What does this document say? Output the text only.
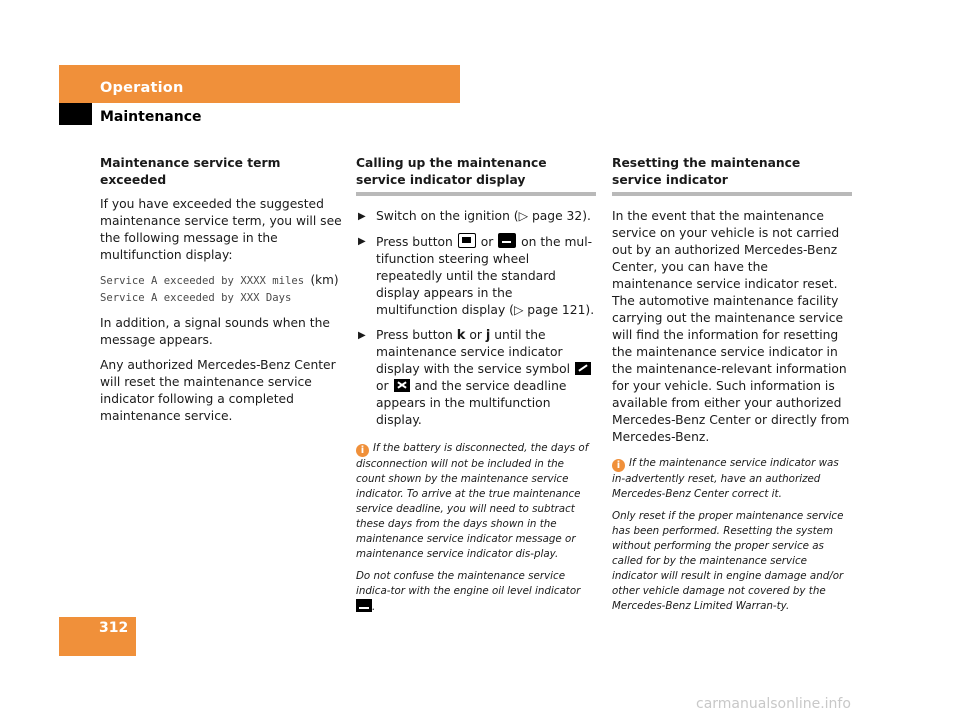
Operation
Maintenance
Maintenance service term exceeded

If you have exceeded the suggested maintenance service term, you will see the following message in the multifunction display:

Service A exceeded by XXXX miles (km)
Service A exceeded by XXX Days

In addition, a signal sounds when the message appears.

Any authorized Mercedes-Benz Center will reset the maintenance service indicator following a completed maintenance service.

Calling up the maintenance service indicator display
▶ Switch on the ignition (▷ page 32).
▶ Press button or on the mul-tifunction steering wheel repeatedly until the standard display appears in the multifunction display (▷ page 121).
▶ Press button k or j until the maintenance service indicator display with the service symbol
or and the service deadline appears in the multifunction display.
i If the battery is disconnected, the days of disconnection will not be included in the count shown by the maintenance service indicator. To arrive at the true maintenance service deadline, you will need to subtract these days from the days shown in the maintenance service indicator message or maintenance service indicator dis-play.
Do not confuse the maintenance service indica-tor with the engine oil level indicator
.
Resetting the maintenance service indicator

In the event that the maintenance service on your vehicle is not carried out by an authorized Mercedes-Benz Center, you can have the maintenance service indicator reset. The automotive maintenance facility carrying out the maintenance service will find the information for resetting the maintenance service indicator in the maintenance-relevant information for your vehicle. Such information is available from either your authorized Mercedes-Benz Center or directly from Mercedes-Benz.

i If the maintenance service indicator was in-advertently reset, have an authorized Mercedes-Benz Center correct it.
Only reset if the proper maintenance service has been performed. Resetting the system without performing the proper service as called for by the maintenance service indicator will result in engine damage and/or other vehicle damage not covered by the Mercedes-Benz Limited Warran-ty.
312
carmanualsonline.info
